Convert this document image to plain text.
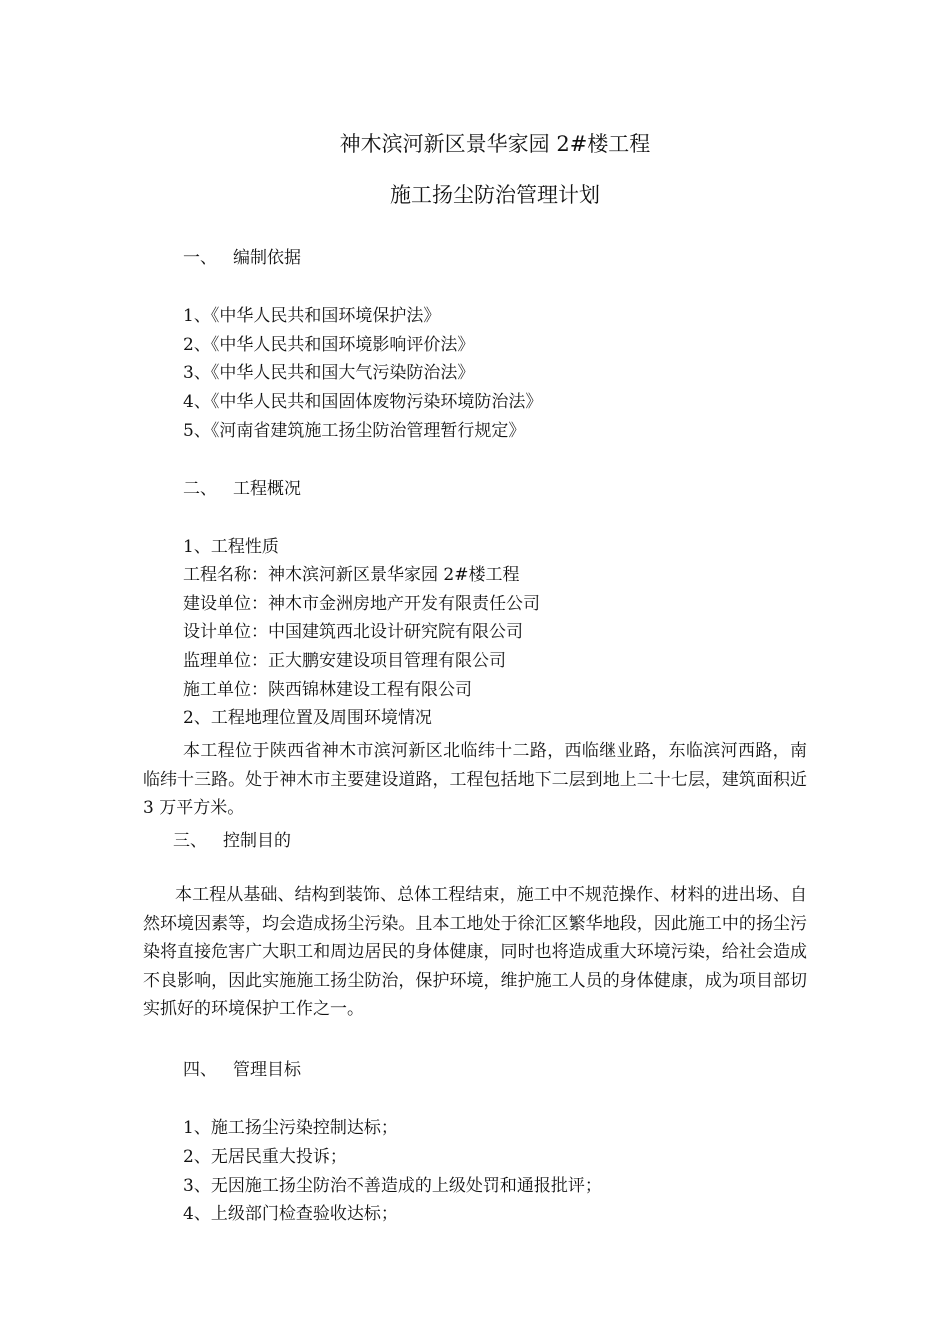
神木滨河新区景华家园 2#楼工程
施工扬尘防治管理计划
一、 编制依据
1、《中华人民共和国环境保护法》
2、《中华人民共和国环境影响评价法》
3、《中华人民共和国大气污染防治法》
4、《中华人民共和国固体废物污染环境防治法》
5、《河南省建筑施工扬尘防治管理暂行规定》
二、 工程概况
1、工程性质
工程名称：神木滨河新区景华家园 2#楼工程
建设单位：神木市金洲房地产开发有限责任公司
设计单位：中国建筑西北设计研究院有限公司
监理单位：正大鹏安建设项目管理有限公司
施工单位：陕西锦林建设工程有限公司
2、工程地理位置及周围环境情况
本工程位于陕西省神木市滨河新区北临纬十二路，西临继业路，东临滨河西路，南临纬十三路。处于神木市主要建设道路，工程包括地下二层到地上二十七层，建筑面积近 3 万平方米。
三、 控制目的
本工程从基础、结构到装饰、总体工程结束，施工中不规范操作、材料的进出场、自然环境因素等，均会造成扬尘污染。且本工地处于徐汇区繁华地段，因此施工中的扬尘污染将直接危害广大职工和周边居民的身体健康，同时也将造成重大环境污染，给社会造成不良影响，因此实施施工扬尘防治，保护环境，维护施工人员的身体健康，成为项目部切实抓好的环境保护工作之一。
四、 管理目标
1、施工扬尘污染控制达标；
2、无居民重大投诉；
3、无因施工扬尘防治不善造成的上级处罚和通报批评；
4、上级部门检查验收达标；
